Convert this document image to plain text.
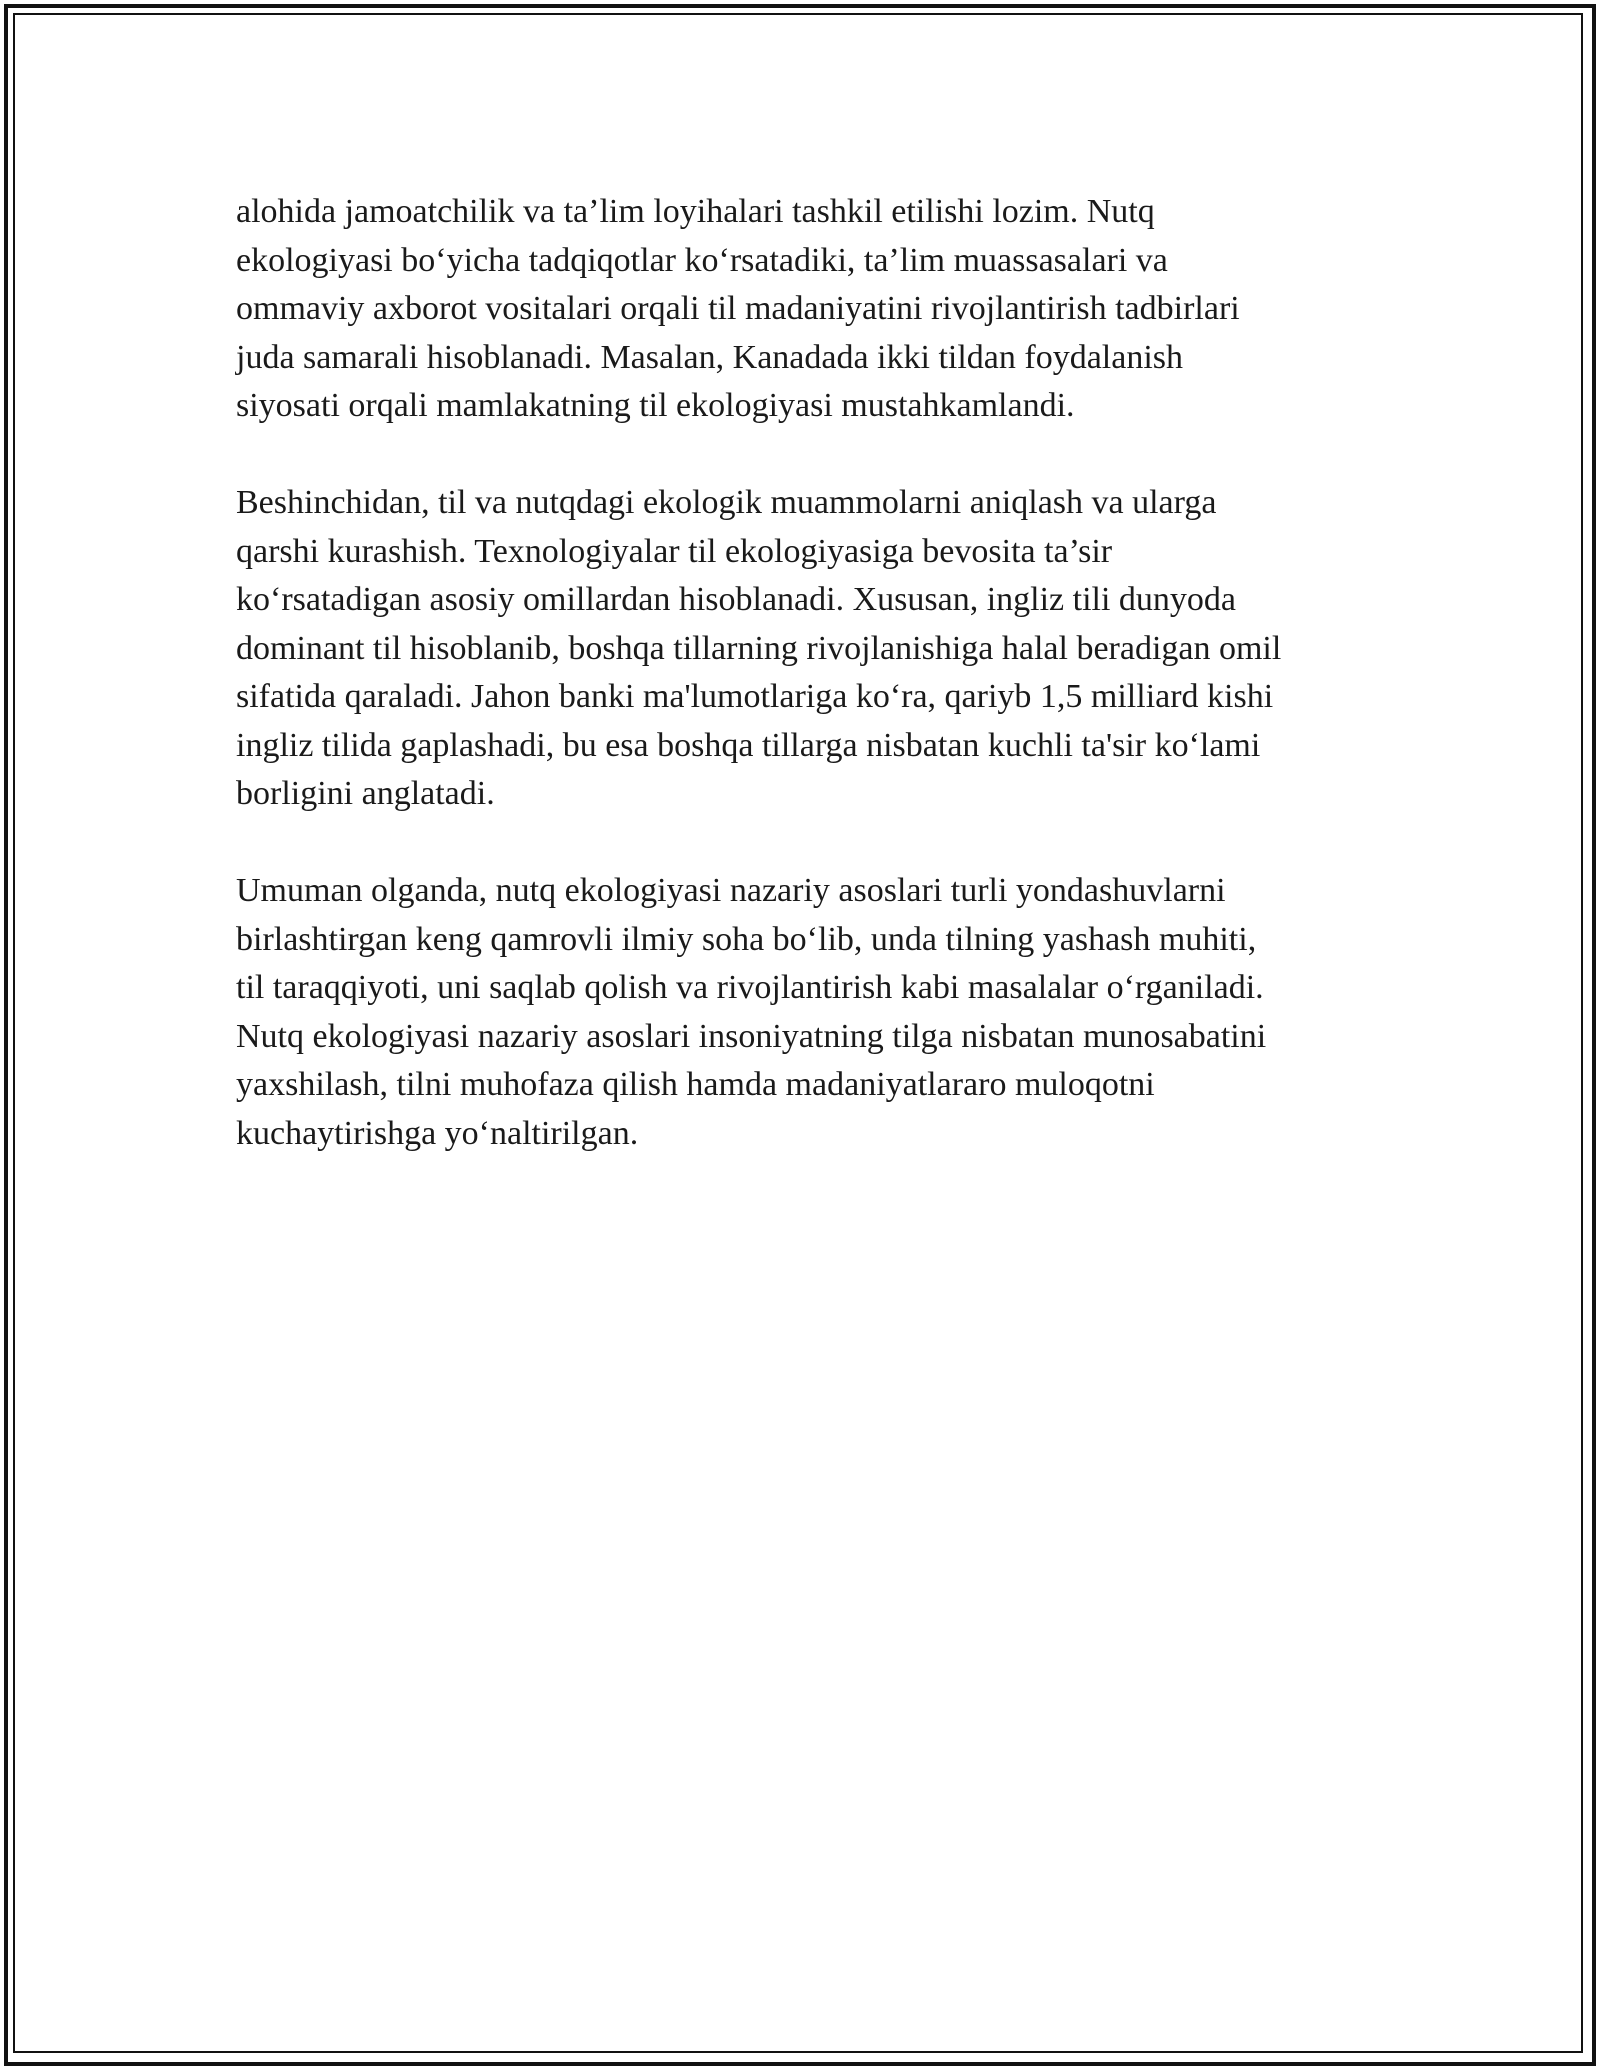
alohida jamoatchilik va ta’lim loyihalari tashkil etilishi lozim. Nutq
ekologiyasi bo‘yicha tadqiqotlar ko‘rsatadiki, ta’lim muassasalari va
ommaviy axborot vositalari orqali til madaniyatini rivojlantirish tadbirlari
juda samarali hisoblanadi. Masalan, Kanadada ikki tildan foydalanish
siyosati orqali mamlakatning til ekologiyasi mustahkamlandi.

Beshinchidan, til va nutqdagi ekologik muammolarni aniqlash va ularga
qarshi kurashish. Texnologiyalar til ekologiyasiga bevosita ta’sir
ko‘rsatadigan asosiy omillardan hisoblanadi. Xususan, ingliz tili dunyoda
dominant til hisoblanib, boshqa tillarning rivojlanishiga halal beradigan omil
sifatida qaraladi. Jahon banki ma'lumotlariga ko‘ra, qariyb 1,5 milliard kishi
ingliz tilida gaplashadi, bu esa boshqa tillarga nisbatan kuchli ta'sir ko‘lami
borligini anglatadi.

Umuman olganda, nutq ekologiyasi nazariy asoslari turli yondashuvlarni
birlashtirgan keng qamrovli ilmiy soha bo‘lib, unda tilning yashash muhiti,
til taraqqiyoti, uni saqlab qolish va rivojlantirish kabi masalalar o‘rganiladi.
Nutq ekologiyasi nazariy asoslari insoniyatning tilga nisbatan munosabatini
yaxshilash, tilni muhofaza qilish hamda madaniyatlararo muloqotni
kuchaytirishga yo‘naltirilgan.
